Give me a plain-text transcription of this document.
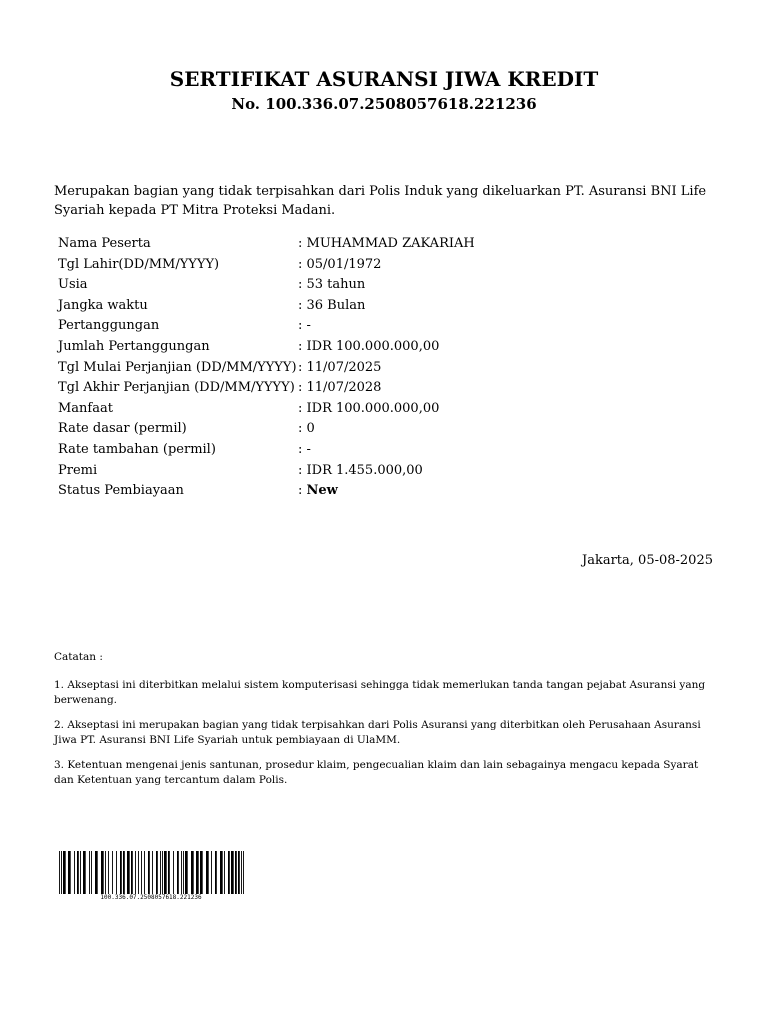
SERTIFIKAT ASURANSI JIWA KREDIT
No. 100.336.07.2508057618.221236
Merupakan bagian yang tidak terpisahkan dari Polis Induk yang dikeluarkan PT. Asuransi BNI Life Syariah kepada PT Mitra Proteksi Madani.
Nama Peserta	: MUHAMMAD ZAKARIAH
Tgl Lahir(DD/MM/YYYY)	: 05/01/1972
Usia	: 53 tahun
Jangka waktu	: 36 Bulan
Pertanggungan	: -
Jumlah Pertanggungan	: IDR 100.000.000,00
Tgl Mulai Perjanjian (DD/MM/YYYY)	: 11/07/2025
Tgl Akhir Perjanjian (DD/MM/YYYY)	: 11/07/2028
Manfaat	: IDR 100.000.000,00
Rate dasar (permil)	: 0
Rate tambahan (permil)	: -
Premi	: IDR 1.455.000,00
Status Pembiayaan	: New
Jakarta, 05-08-2025

Catatan :

1. Akseptasi ini diterbitkan melalui sistem komputerisasi sehingga tidak memerlukan tanda tangan pejabat Asuransi yang berwenang.

2. Akseptasi ini merupakan bagian yang tidak terpisahkan dari Polis Asuransi yang diterbitkan oleh Perusahaan Asuransi Jiwa PT. Asuransi BNI Life Syariah untuk pembiayaan di UlaMM.

3. Ketentuan mengenai jenis santunan, prosedur klaim, pengecualian klaim dan lain sebagainya mengacu kepada Syarat dan Ketentuan yang tercantum dalam Polis.

100.336.07.2508057618.221236
